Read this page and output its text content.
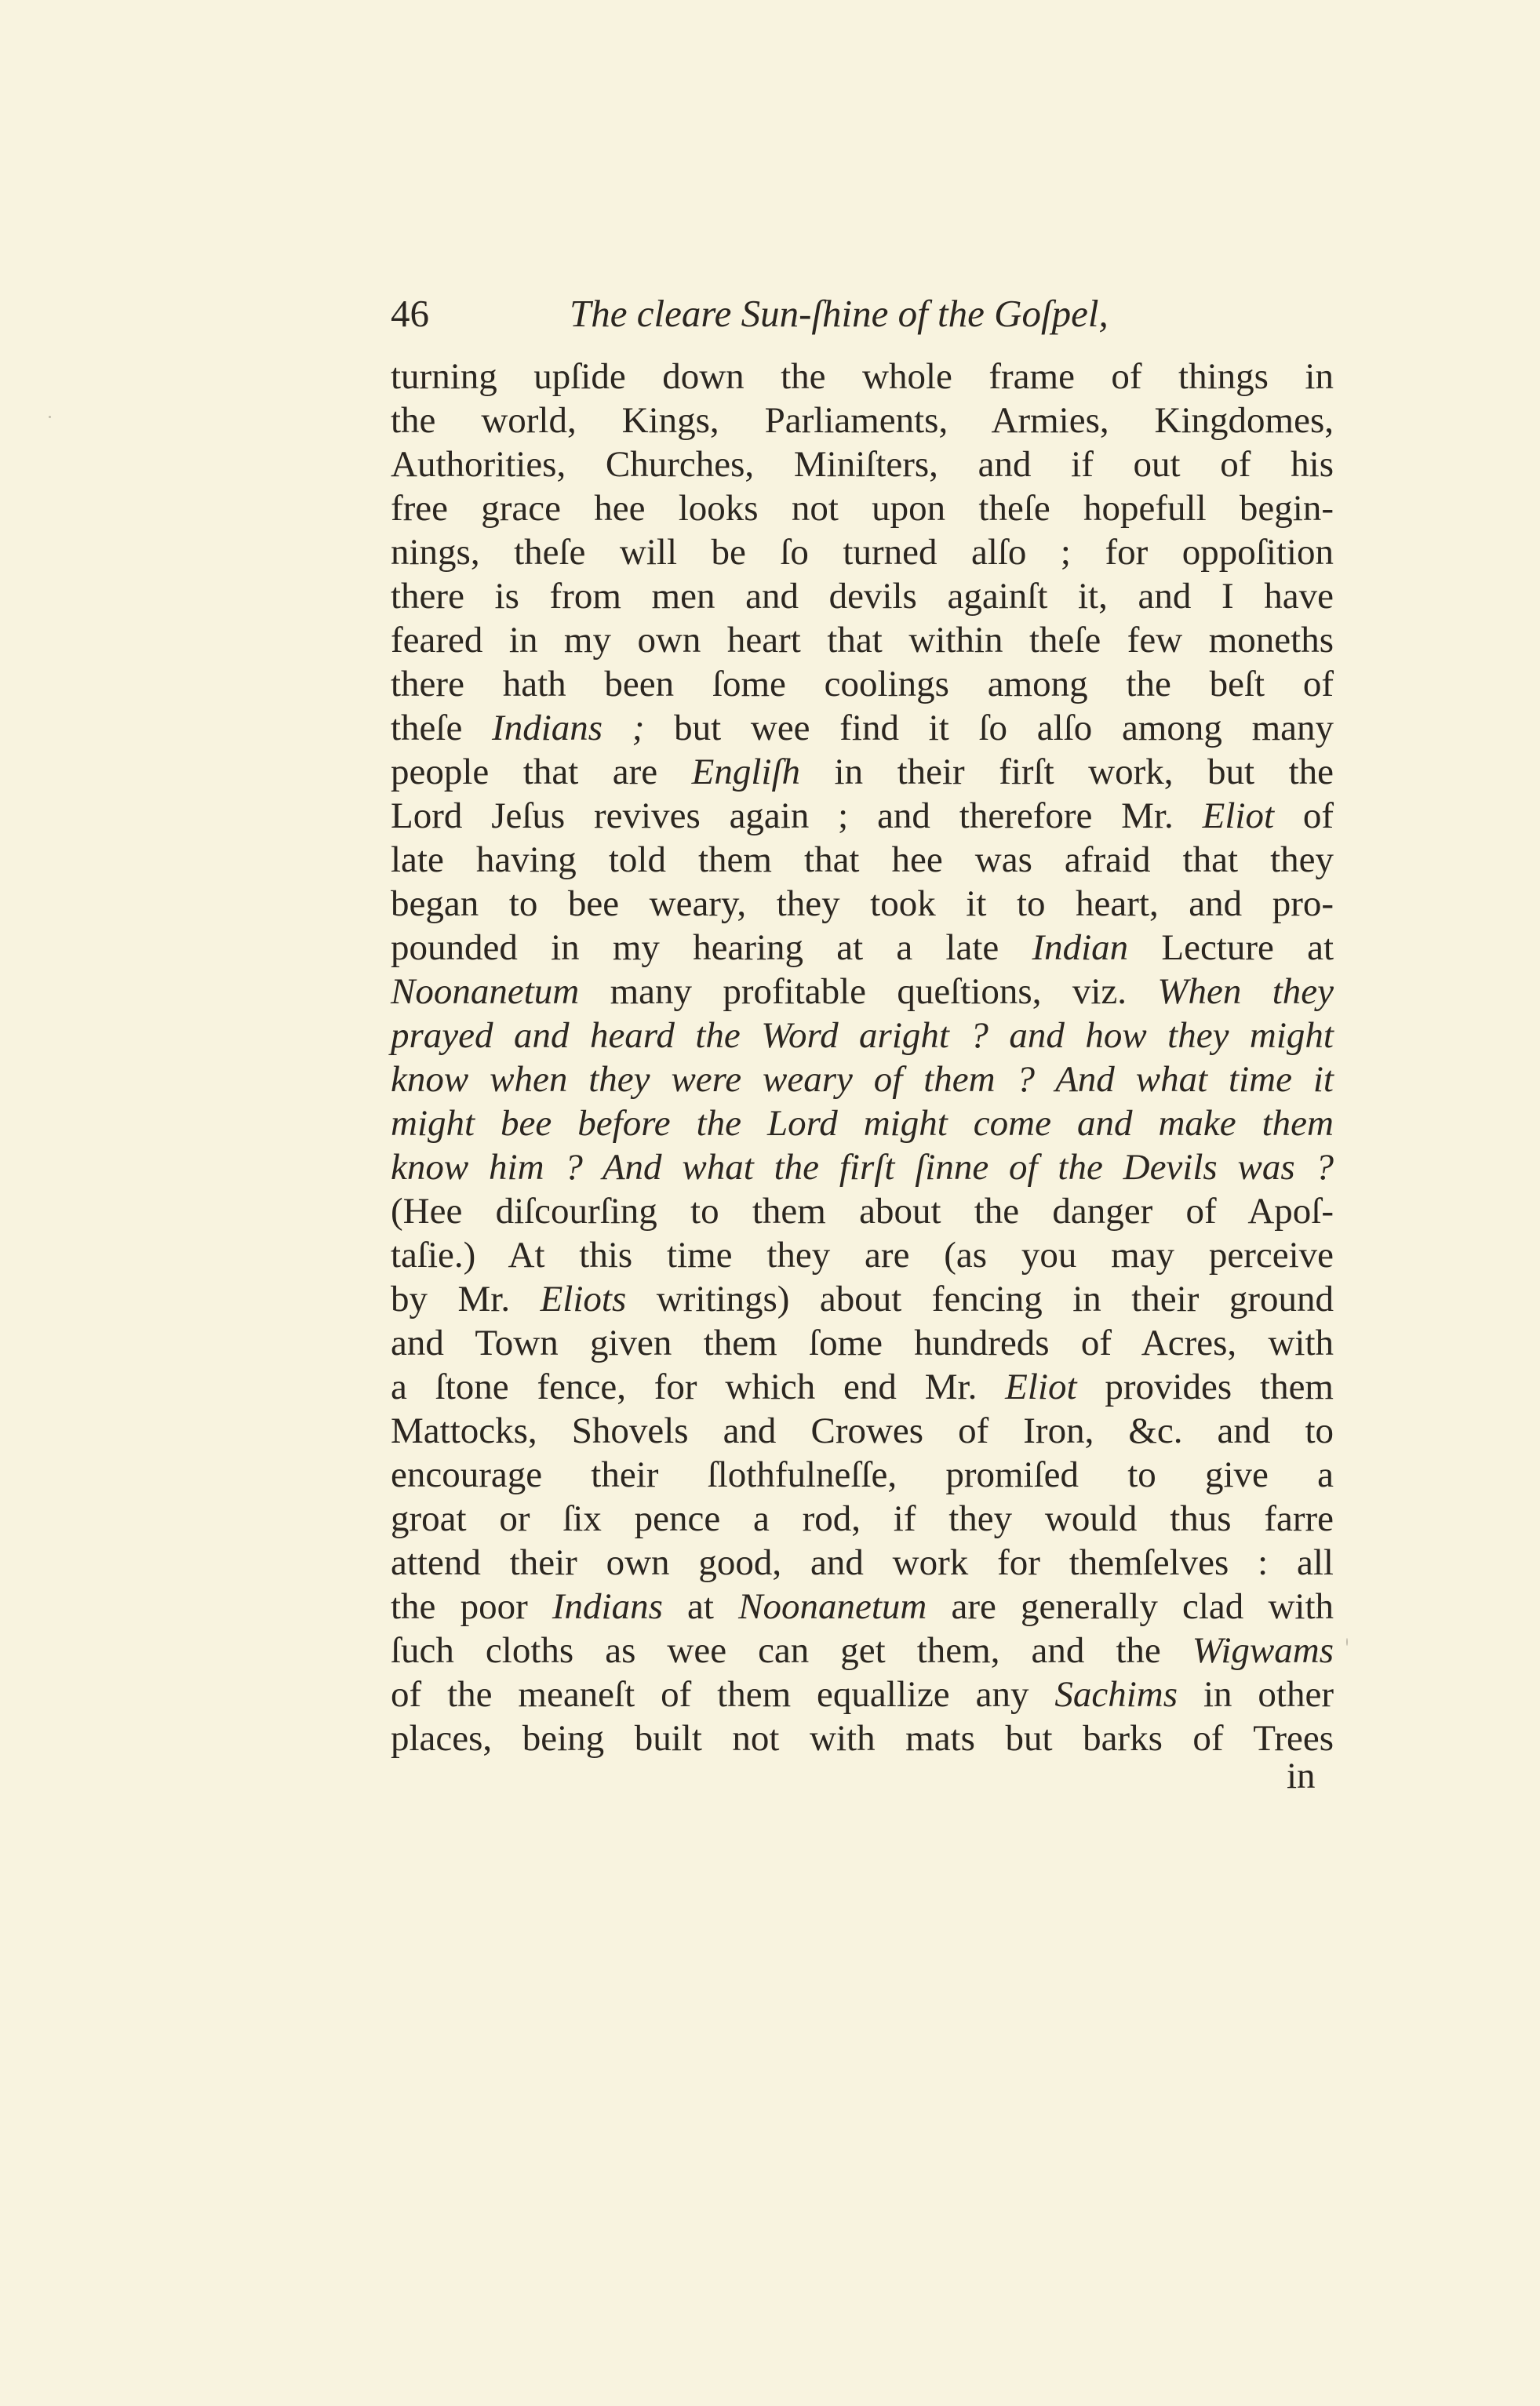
46	The cleare Sun-ſhine of the Goſpel,
turning upſide down the whole frame of things in
the world, Kings, Parliaments, Armies, Kingdomes,
Authorities, Churches, Miniſters, and if out of his
free grace hee looks not upon theſe hopefull begin-
nings, theſe will be ſo turned alſo ; for oppoſition
there is from men and devils againſt it, and I have
feared in my own heart that within theſe few moneths
there hath been ſome coolings among the beſt of
theſe Indians ; but wee find it ſo alſo among many
people that are Engliſh in their firſt work, but the
Lord Jeſus revives again ; and therefore Mr. Eliot of
late having told them that hee was afraid that they
began to bee weary, they took it to heart, and pro-
pounded in my hearing at a late Indian Lecture at
Noonanetum many profitable queſtions, viz. When they
prayed and heard the Word aright ? and how they might
know when they were weary of them ? And what time it
might bee before the Lord might come and make them
know him ? And what the firſt ſinne of the Devils was ?
(Hee diſcourſing to them about the danger of Apoſ-
taſie.) At this time they are (as you may perceive
by Mr. Eliots writings) about fencing in their ground
and Town given them ſome hundreds of Acres, with
a ſtone fence, for which end Mr. Eliot provides them
Mattocks, Shovels and Crowes of Iron, &c. and to
encourage their ſlothfulneſſe, promiſed to give a
groat or ſix pence a rod, if they would thus farre
attend their own good, and work for themſelves : all
the poor Indians at Noonanetum are generally clad with
ſuch cloths as wee can get them, and the Wigwams
of the meaneſt of them equallize any Sachims in other
places, being built not with mats but barks of Trees
in
